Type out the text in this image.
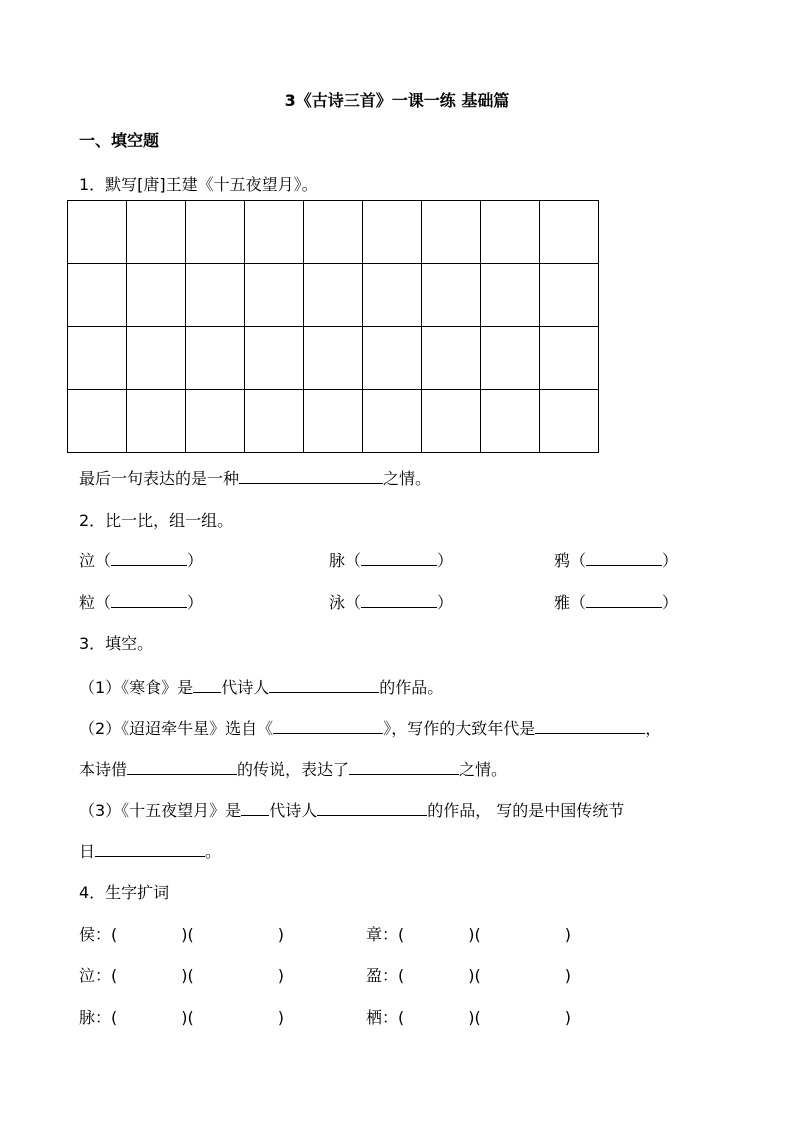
3《古诗三首》一课一练 基础篇
一、填空题
1．默写[唐]王建《十五夜望月》。

最后一句表达的是一种	之情。
2．比一比，组一组。
泣（	）	脉（	）	鸦（	）
粒（	）	泳（	）	雅（	）
3．填空。
（1）《寒食》是 代诗人	的作品。
（2）《迢迢牵牛星》选自《	》，写作的大致年代是	，
本诗借	的传说，表达了	之情。
（3）《十五夜望月》是 代诗人	的作品， 写的是中国传统节
日	。
4．生字扩词
侯：(	)(	)	章：(	)(	)
泣：(	)(	)	盈：(	)(	)
脉：(	)(	)	栖：(	)(	)
